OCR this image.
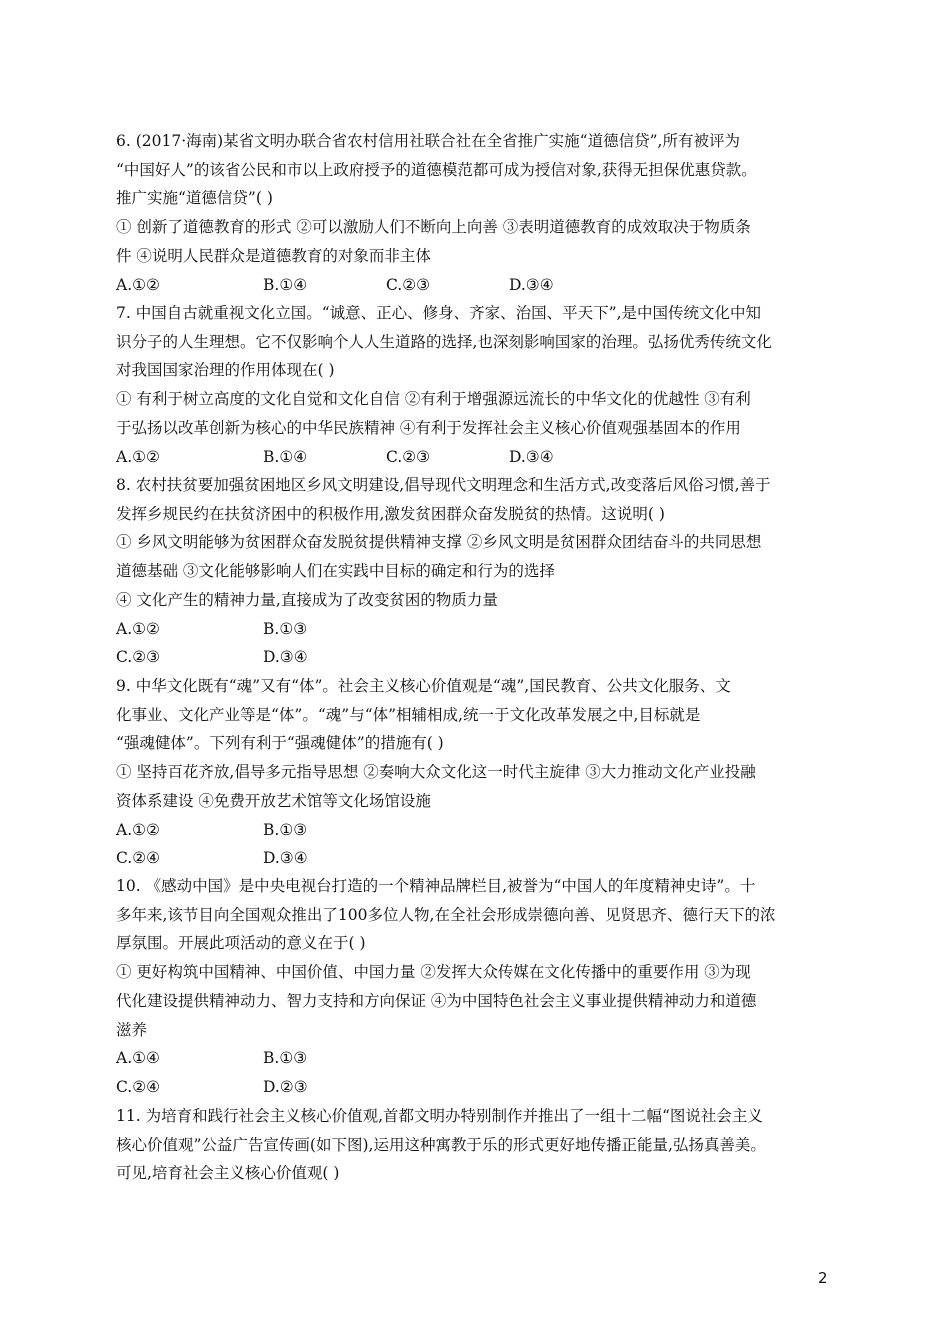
6. (2017·海南)某省文明办联合省农村信用社联合社在全省推广实施“道德信贷”,所有被评为
“中国好人”的该省公民和市以上政府授予的道德模范都可成为授信对象,获得无担保优惠贷款。
推广实施“道德信贷”( )
① 创新了道德教育的形式 ②可以激励人们不断向上向善 ③表明道德教育的成效取决于物质条
件 ④说明人民群众是道德教育的对象而非主体
A.①②	B.①④	C.②③	D.③④
7. 中国自古就重视文化立国。“诚意、正心、修身、齐家、治国、平天下”,是中国传统文化中知
识分子的人生理想。它不仅影响个人人生道路的选择,也深刻影响国家的治理。弘扬优秀传统文化
对我国国家治理的作用体现在( )
① 有利于树立高度的文化自觉和文化自信 ②有利于增强源远流长的中华文化的优越性 ③有利
于弘扬以改革创新为核心的中华民族精神 ④有利于发挥社会主义核心价值观强基固本的作用
A.①②	B.①④	C.②③	D.③④
8. 农村扶贫要加强贫困地区乡风文明建设,倡导现代文明理念和生活方式,改变落后风俗习惯,善于
发挥乡规民约在扶贫济困中的积极作用,激发贫困群众奋发脱贫的热情。这说明( )
① 乡风文明能够为贫困群众奋发脱贫提供精神支撑 ②乡风文明是贫困群众团结奋斗的共同思想
道德基础 ③文化能够影响人们在实践中目标的确定和行为的选择
④ 文化产生的精神力量,直接成为了改变贫困的物质力量
A.①②	B.①③
C.②③	D.③④
9. 中华文化既有“魂”又有“体”。社会主义核心价值观是“魂”,国民教育、公共文化服务、文
化事业、文化产业等是“体”。“魂”与“体”相辅相成,统一于文化改革发展之中,目标就是
“强魂健体”。下列有利于“强魂健体”的措施有( )
① 坚持百花齐放,倡导多元指导思想 ②奏响大众文化这一时代主旋律 ③大力推动文化产业投融
资体系建设 ④免费开放艺术馆等文化场馆设施
A.①②	B.①③
C.②④	D.③④
10. 《感动中国》是中央电视台打造的一个精神品牌栏目,被誉为“中国人的年度精神史诗”。十
多年来,该节目向全国观众推出了100多位人物,在全社会形成崇德向善、见贤思齐、德行天下的浓
厚氛围。开展此项活动的意义在于( )
① 更好构筑中国精神、中国价值、中国力量 ②发挥大众传媒在文化传播中的重要作用 ③为现
代化建设提供精神动力、智力支持和方向保证 ④为中国特色社会主义事业提供精神动力和道德
滋养
A.①④	B.①③
C.②④	D.②③
11. 为培育和践行社会主义核心价值观,首都文明办特别制作并推出了一组十二幅“图说社会主义
核心价值观”公益广告宣传画(如下图),运用这种寓教于乐的形式更好地传播正能量,弘扬真善美。
可见,培育社会主义核心价值观( )
2
